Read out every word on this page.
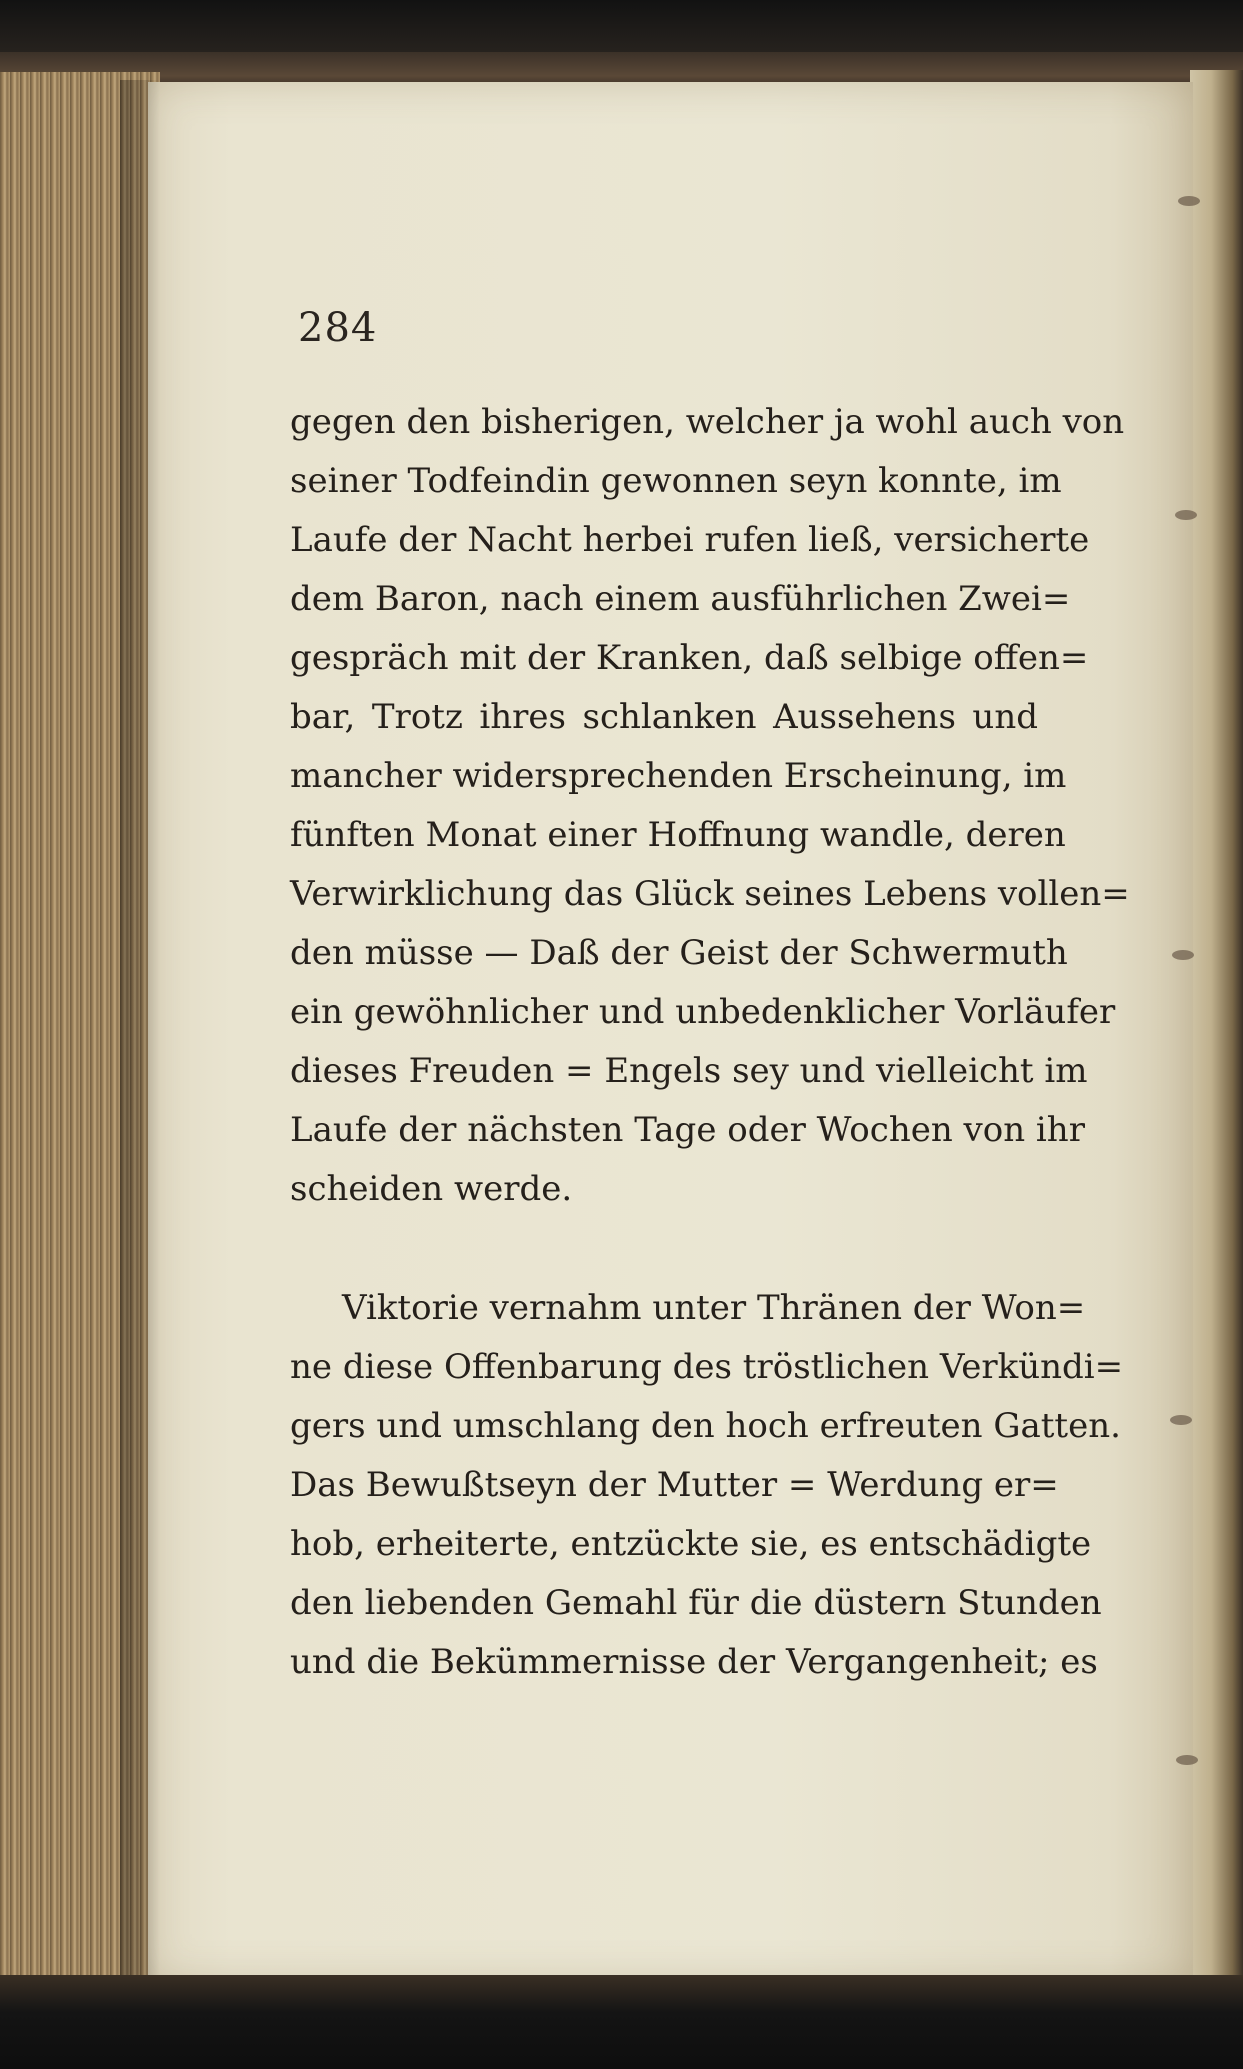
284
gegen den bisherigen, welcher ja wohl auch von
seiner Todfeindin gewonnen seyn konnte, im
Laufe der Nacht herbei rufen ließ, versicherte
dem Baron, nach einem ausführlichen Zwei=
gespräch mit der Kranken, daß selbige offen=
bar, Trotz ihres schlanken Aussehens und
mancher widersprechenden Erscheinung, im
fünften Monat einer Hoffnung wandle, deren
Verwirklichung das Glück seines Lebens vollen=
den müsse — Daß der Geist der Schwermuth
ein gewöhnlicher und unbedenklicher Vorläufer
dieses Freuden = Engels sey und vielleicht im
Laufe der nächsten Tage oder Wochen von ihr
scheiden werde.
Viktorie vernahm unter Thränen der Won=
ne diese Offenbarung des tröstlichen Verkündi=
gers und umschlang den hoch erfreuten Gatten.
Das Bewußtseyn der Mutter = Werdung er=
hob, erheiterte, entzückte sie, es entschädigte
den liebenden Gemahl für die düstern Stunden
und die Bekümmernisse der Vergangenheit; es
